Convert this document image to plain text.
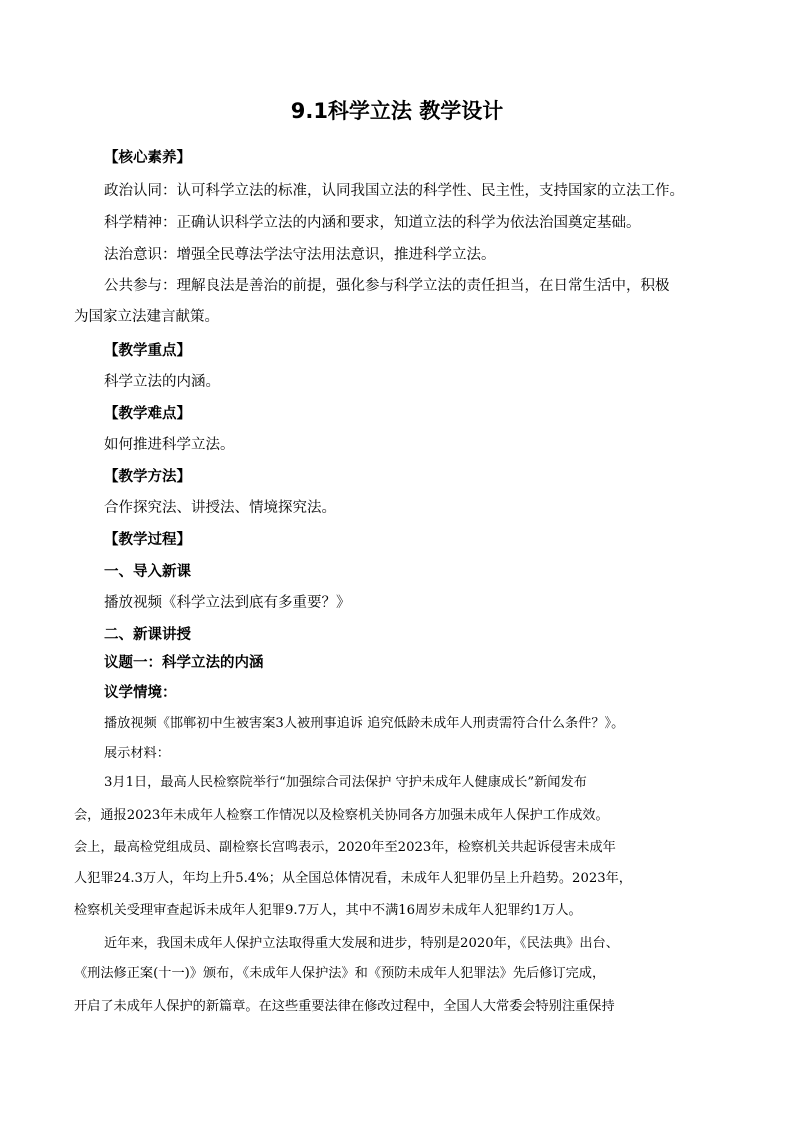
9.1科学立法 教学设计
【核心素养】
政治认同：认可科学立法的标准，认同我国立法的科学性、民主性，支持国家的立法工作。
科学精神：正确认识科学立法的内涵和要求，知道立法的科学为依法治国奠定基础。
法治意识：增强全民尊法学法守法用法意识，推进科学立法。
公共参与：理解良法是善治的前提，强化参与科学立法的责任担当，在日常生活中，积极
为国家立法建言献策。
【教学重点】
科学立法的内涵。
【教学难点】
如何推进科学立法。
【教学方法】
合作探究法、讲授法、情境探究法。
【教学过程】
一、导入新课
播放视频《科学立法到底有多重要？》
二、新课讲授
议题一：科学立法的内涵
议学情境：
播放视频《邯郸初中生被害案3人被刑事追诉 追究低龄未成年人刑责需符合什么条件？》。
展示材料：
3月1日，最高人民检察院举行“加强综合司法保护 守护未成年人健康成长”新闻发布
会，通报2023年未成年人检察工作情况以及检察机关协同各方加强未成年人保护工作成效。
会上，最高检党组成员、副检察长宫鸣表示，2020年至2023年，检察机关共起诉侵害未成年
人犯罪24.3万人，年均上升5.4%；从全国总体情况看，未成年人犯罪仍呈上升趋势。2023年，
检察机关受理审查起诉未成年人犯罪9.7万人，其中不满16周岁未成年人犯罪约1万人。
近年来，我国未成年人保护立法取得重大发展和进步，特别是2020年，《民法典》出台、
《刑法修正案(十一)》颁布，《未成年人保护法》和《预防未成年人犯罪法》先后修订完成，
开启了未成年人保护的新篇章。在这些重要法律在修改过程中，全国人大常委会特别注重保持
